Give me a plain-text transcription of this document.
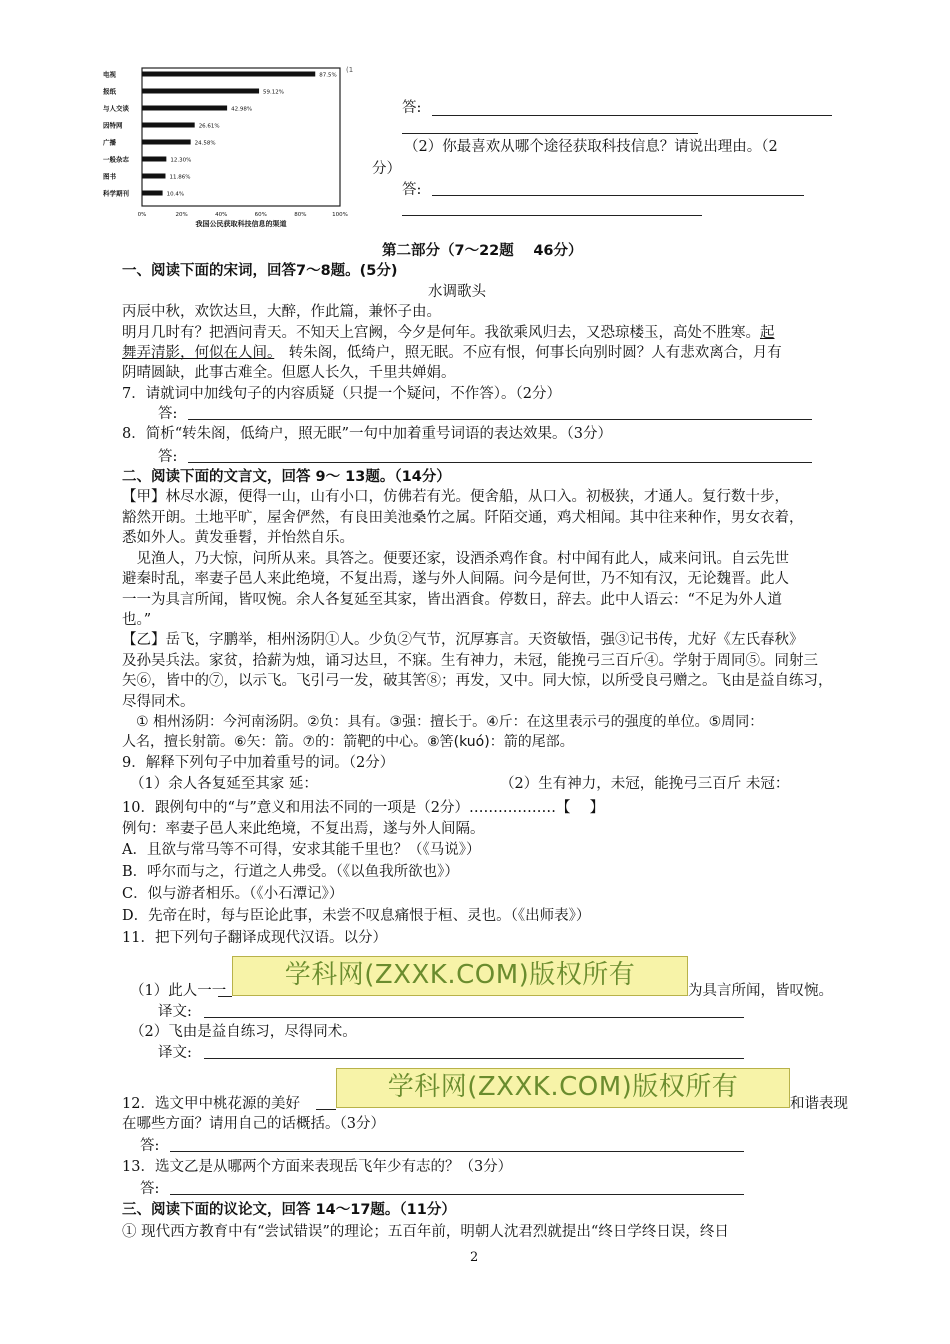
电视	87.5%
报纸	59.12%
与人交谈	42.98%
因特网	26.61%
广播	24.58%
一般杂志	12.30%
图书	11.86%
科学期刊	10.4%
0%	20%	40%	60%	80%	100%
我国公民获取科技信息的渠道
(1
答:
（2）你最喜欢从哪个途径获取科技信息？请说出理由。（2
分）
答:
第二部分（7～22题　 46分）
一、阅读下面的宋词，回答7～8题。(5分)
水调歌头
丙辰中秋，欢饮达旦，大醉，作此篇，兼怀子由。
明月几时有？把酒问青天。不知天上宫阙，今夕是何年。我欲乘风归去，又恐琼楼玉，高处不胜寒。起
舞弄清影，何似在人间。　转朱阁，低绮户，照无眠。不应有恨，何事长向别时圆？人有悲欢离合，月有
阴晴圆缺，此事古难全。但愿人长久，千里共婵娟。
7．请就词中加线句子的内容质疑（只提一个疑问，不作答）。（2分）
答:
8．简析“转朱阁，低绮户，照无眠”一句中加着重号词语的表达效果。（3分）
答:
二、阅读下面的文言文，回答 9～ 13题。（14分）
【甲】林尽水源，便得一山，山有小口，仿佛若有光。便舍船，从口入。初极狭，才通人。复行数十步，
豁然开朗。土地平旷，屋舍俨然，有良田美池桑竹之属。阡陌交通，鸡犬相闻。其中往来种作，男女衣着，
悉如外人。黄发垂髫，并怡然自乐。
　见渔人，乃大惊，问所从来。具答之。便要还家，设酒杀鸡作食。村中闻有此人，咸来问讯。自云先世
避秦时乱，率妻子邑人来此绝境，不复出焉，遂与外人间隔。问今是何世，乃不知有汉，无论魏晋。此人
一一为具言所闻，皆叹惋。余人各复延至其家，皆出酒食。停数日，辞去。此中人语云：“不足为外人道
也。”
【乙】岳飞，字鹏举，相州汤阴①人。少负②气节，沉厚寡言。天资敏悟，强③记书传，尤好《左氏春秋》
及孙吴兵法。家贫，拾薪为烛，诵习达旦，不寐。生有神力，未冠，能挽弓三百斤④。学射于周同⑤。同射三
矢⑥，皆中的⑦，以示飞。飞引弓一发，破其筈⑧；再发，又中。同大惊，以所受良弓赠之。飞由是益自练习，
尽得同术。
　① 相州汤阴：今河南汤阴。②负：具有。③强：擅长于。④斤：在这里表示弓的强度的单位。⑤周同：
人名，擅长射箭。⑥矢：箭。⑦的：箭靶的中心。⑧筈(kuó)：箭的尾部。
9．解释下列句子中加着重号的词。（2分）
（1）余人各复延至其家 延：	（2）生有神力，未冠，能挽弓三百斤 未冠：
10．跟例句中的“与”意义和用法不同的一项是（2分）………………【　 】
例句：率妻子邑人来此绝境，不复出焉，遂与外人间隔。
A．且欲与常马等不可得，安求其能千里也？（《马说》）
B．呼尔而与之，行道之人弗受。（《以鱼我所欲也》）
C．似与游者相乐。（《小石潭记》）
D．先帝在时，每与臣论此事，未尝不叹息痛恨于桓、灵也。（《出师表》）
11．把下列句子翻译成现代汉语。以分）
（1）此人一一
学科网(ZXXK.COM)版权所有
为具言所闻，皆叹惋。
译文:
（2）飞由是益自练习，尽得同术。
译文:
12．选文甲中桃花源的美好
学科网(ZXXK.COM)版权所有
和谐表现
在哪些方面？请用自己的话概括。（3分）
答:
13．选文乙是从哪两个方面来表现岳飞年少有志的？（3分）
答:
三、阅读下面的议论文，回答 14～17题。（11分）
① 现代西方教育中有“尝试错误”的理论；五百年前，明朝人沈君烈就提出“终日学终日误，终日
2
